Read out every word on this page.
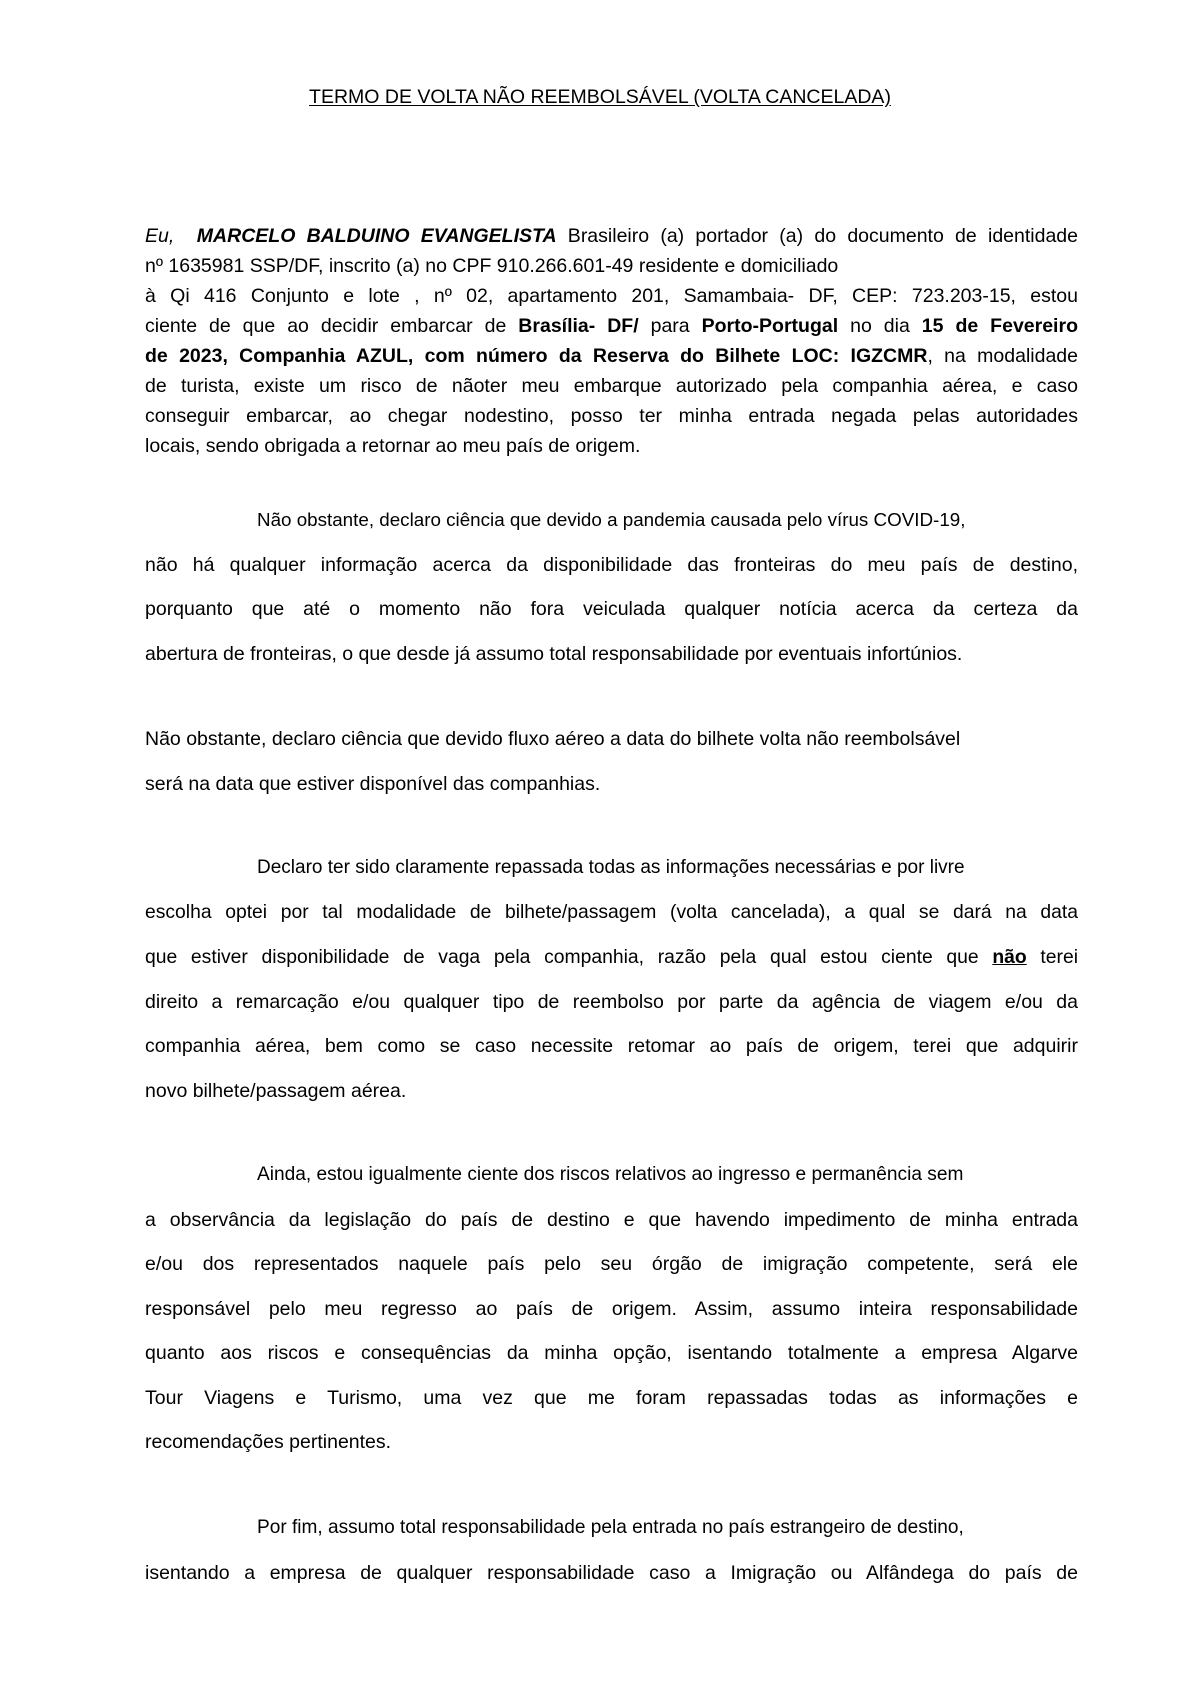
TERMO DE VOLTA NÃO REEMBOLSÁVEL (VOLTA CANCELADA)
Eu, MARCELO BALDUINO EVANGELISTA Brasileiro (a) portador (a) do documento de identidade
nº 1635981 SSP/DF, inscrito (a) no CPF 910.266.601-49 residente e domiciliado
à Qi 416 Conjunto e lote , nº 02, apartamento 201, Samambaia- DF, CEP: 723.203-15, estou
ciente de que ao decidir embarcar de Brasília- DF/ para Porto-Portugal no dia 15 de Fevereiro
de 2023, Companhia AZUL, com número da Reserva do Bilhete LOC: IGZCMR, na modalidade
de turista, existe um risco de nãoter meu embarque autorizado pela companhia aérea, e caso
conseguir embarcar, ao chegar nodestino, posso ter minha entrada negada pelas autoridades
locais, sendo obrigada a retornar ao meu país de origem.
Não obstante, declaro ciência que devido a pandemia causada pelo vírus COVID-19,
não há qualquer informação acerca da disponibilidade das fronteiras do meu país de destino,
porquanto que até o momento não fora veiculada qualquer notícia acerca da certeza da
abertura de fronteiras, o que desde já assumo total responsabilidade por eventuais infortúnios.
Não obstante, declaro ciência que devido fluxo aéreo a data do bilhete volta não reembolsável
será na data que estiver disponível das companhias.
Declaro ter sido claramente repassada todas as informações necessárias e por livre
escolha optei por tal modalidade de bilhete/passagem (volta cancelada), a qual se dará na data
que estiver disponibilidade de vaga pela companhia, razão pela qual estou ciente que não terei
direito a remarcação e/ou qualquer tipo de reembolso por parte da agência de viagem e/ou da
companhia aérea, bem como se caso necessite retomar ao país de origem, terei que adquirir
novo bilhete/passagem aérea.
Ainda, estou igualmente ciente dos riscos relativos ao ingresso e permanência sem
a observância da legislação do país de destino e que havendo impedimento de minha entrada
e/ou dos representados naquele país pelo seu órgão de imigração competente, será ele
responsável pelo meu regresso ao país de origem. Assim, assumo inteira responsabilidade
quanto aos riscos e consequências da minha opção, isentando totalmente a empresa Algarve
Tour Viagens e Turismo, uma vez que me foram repassadas todas as informações e
recomendações pertinentes.
Por fim, assumo total responsabilidade pela entrada no país estrangeiro de destino,
isentando a empresa de qualquer responsabilidade caso a Imigração ou Alfândega do país de
